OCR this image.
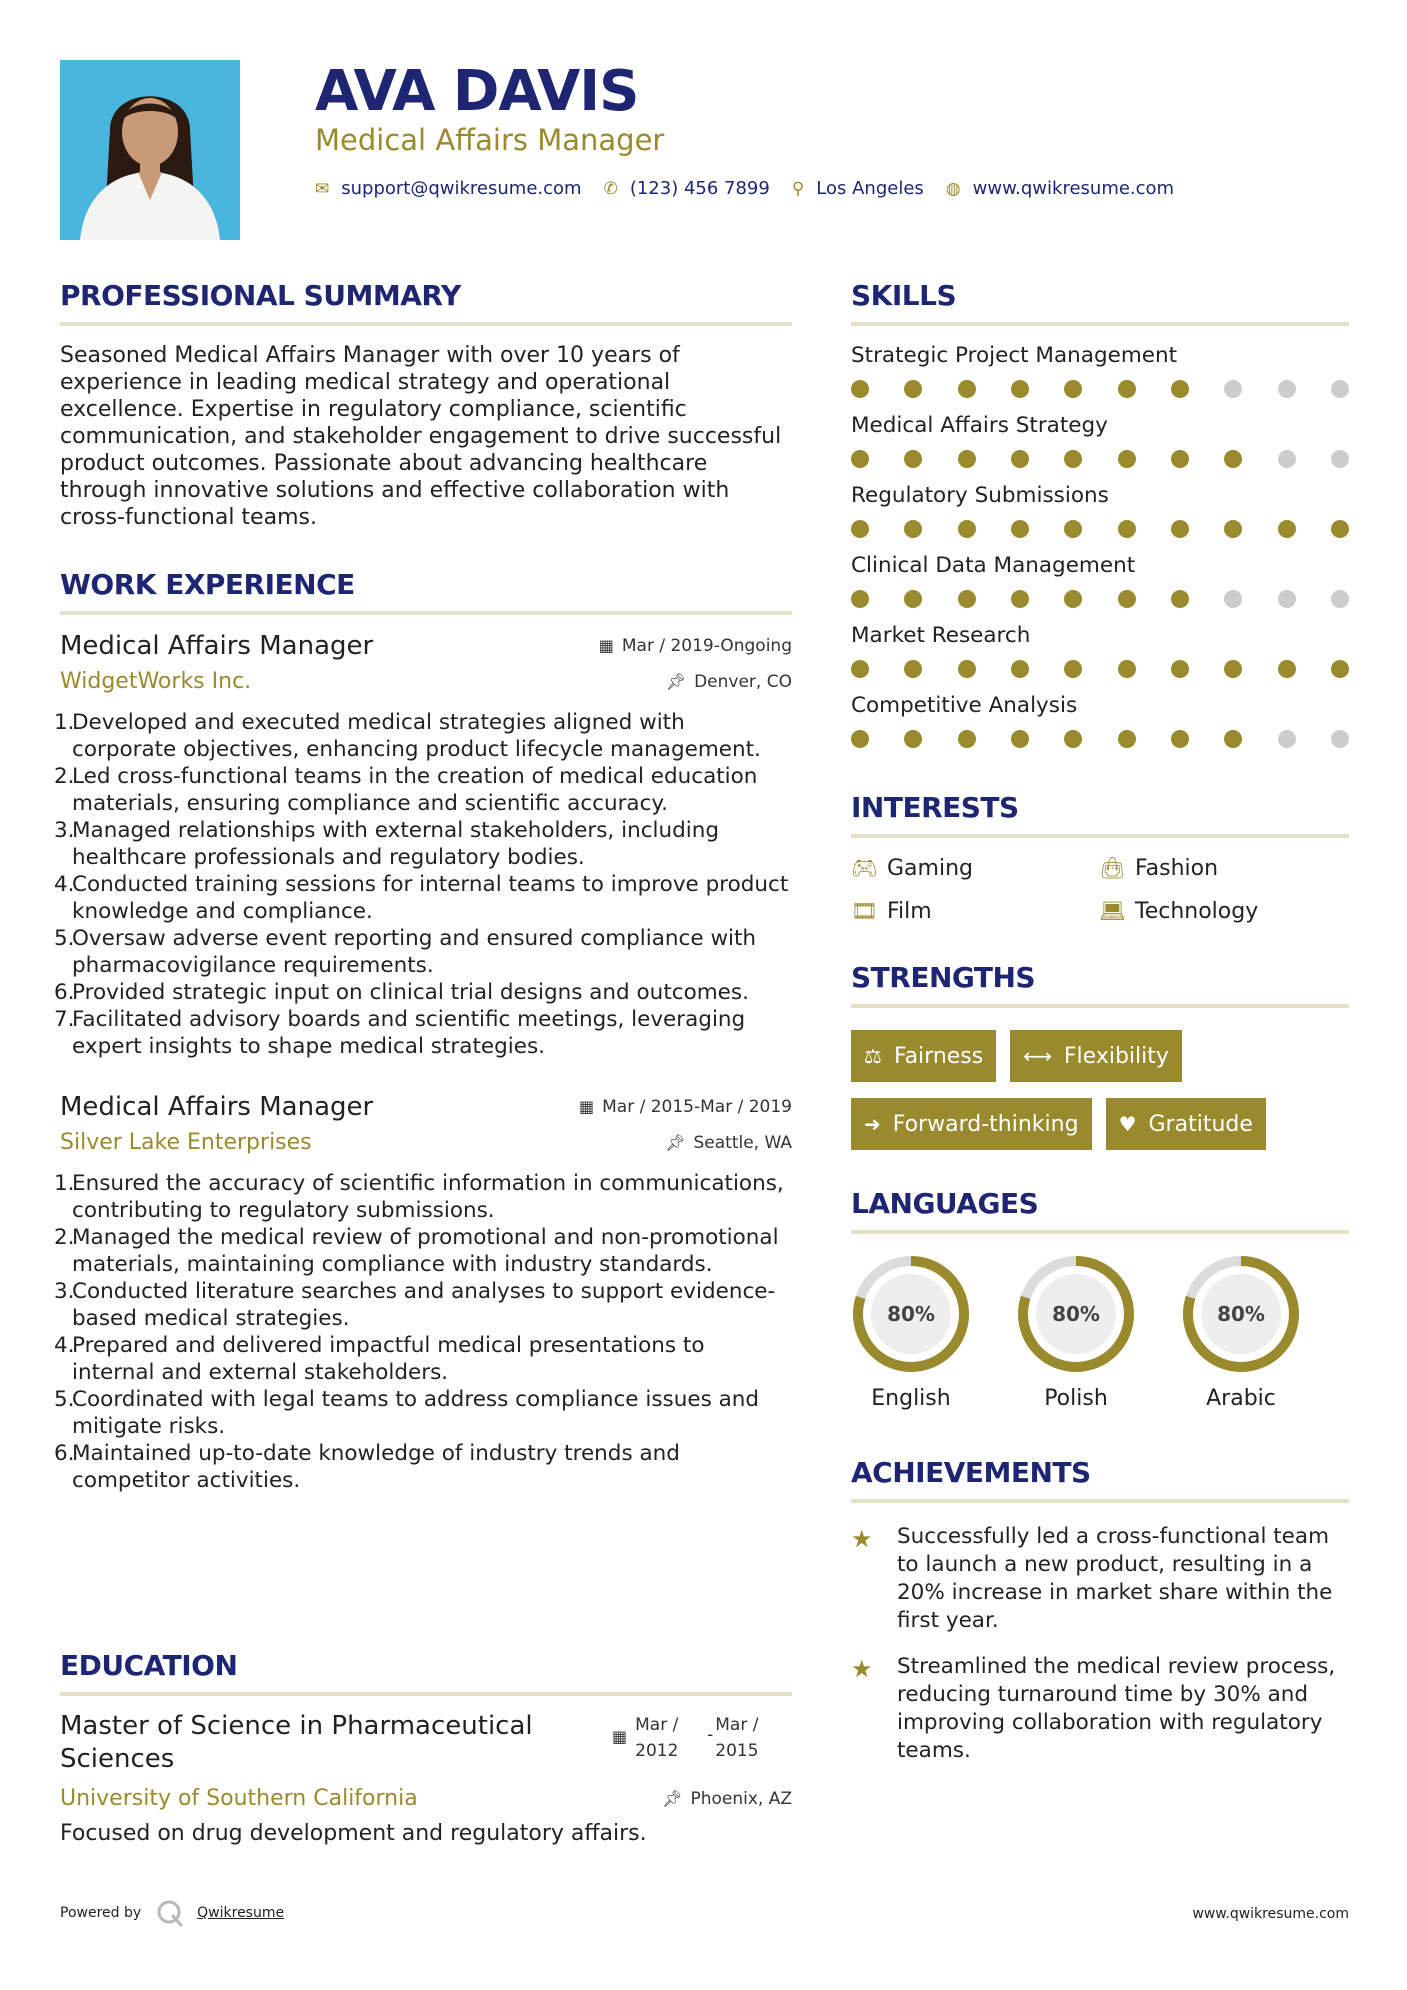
AVA DAVIS
Medical Affairs Manager
✉ support@qwikresume.com ✆ (123) 456 7899 ⚲ Los Angeles ◍ www.qwikresume.com
PROFESSIONAL SUMMARY
Seasoned Medical Affairs Manager with over 10 years of experience in leading medical strategy and operational excellence. Expertise in regulatory compliance, scientific communication, and stakeholder engagement to drive successful product outcomes. Passionate about advancing healthcare through innovative solutions and effective collaboration with cross-functional teams.
WORK EXPERIENCE
Medical Affairs Manager	▦ Mar / 2019-Ongoing
WidgetWorks Inc.	📌︎ Denver, CO
1.
Developed and executed medical strategies aligned with corporate objectives, enhancing product lifecycle management.
2.
Led cross-functional teams in the creation of medical education materials, ensuring compliance and scientific accuracy.
3.
Managed relationships with external stakeholders, including healthcare professionals and regulatory bodies.
4.
Conducted training sessions for internal teams to improve product knowledge and compliance.
5.
Oversaw adverse event reporting and ensured compliance with pharmacovigilance requirements.
6.
Provided strategic input on clinical trial designs and outcomes.
7.
Facilitated advisory boards and scientific meetings, leveraging expert insights to shape medical strategies.
Medical Affairs Manager	▦ Mar / 2015-Mar / 2019
Silver Lake Enterprises	📌︎ Seattle, WA
1.
Ensured the accuracy of scientific information in communications, contributing to regulatory submissions.
2.
Managed the medical review of promotional and non-promotional materials, maintaining compliance with industry standards.
3.
Conducted literature searches and analyses to support evidence-based medical strategies.
4.
Prepared and delivered impactful medical presentations to internal and external stakeholders.
5.
Coordinated with legal teams to address compliance issues and mitigate risks.
6.
Maintained up-to-date knowledge of industry trends and competitor activities.
EDUCATION
Master of Science in Pharmaceutical Sciences
▦
Mar /
2012
- Mar /
2015
University of Southern California	📌︎ Phoenix, AZ
Focused on drug development and regulatory affairs.
SKILLS
Strategic Project Management
Medical Affairs Strategy
Regulatory Submissions
Clinical Data Management
Market Research
Competitive Analysis
INTERESTS
🎮︎ Gaming	👜︎ Fashion
🎞︎ Film	💻︎ Technology
STRENGTHS
⚖ Fairness ⟷ Flexibility
➜ Forward-thinking ♥ Gratitude
LANGUAGES
80%
English
80%
Polish
80%
Arabic
ACHIEVEMENTS
★	Successfully led a cross-functional team to launch a new product, resulting in a 20% increase in market share within the first year.
★	Streamlined the medical review process, reducing turnaround time by 30% and improving collaboration with regulatory teams.
Powered by	Qwikresume	www.qwikresume.com
